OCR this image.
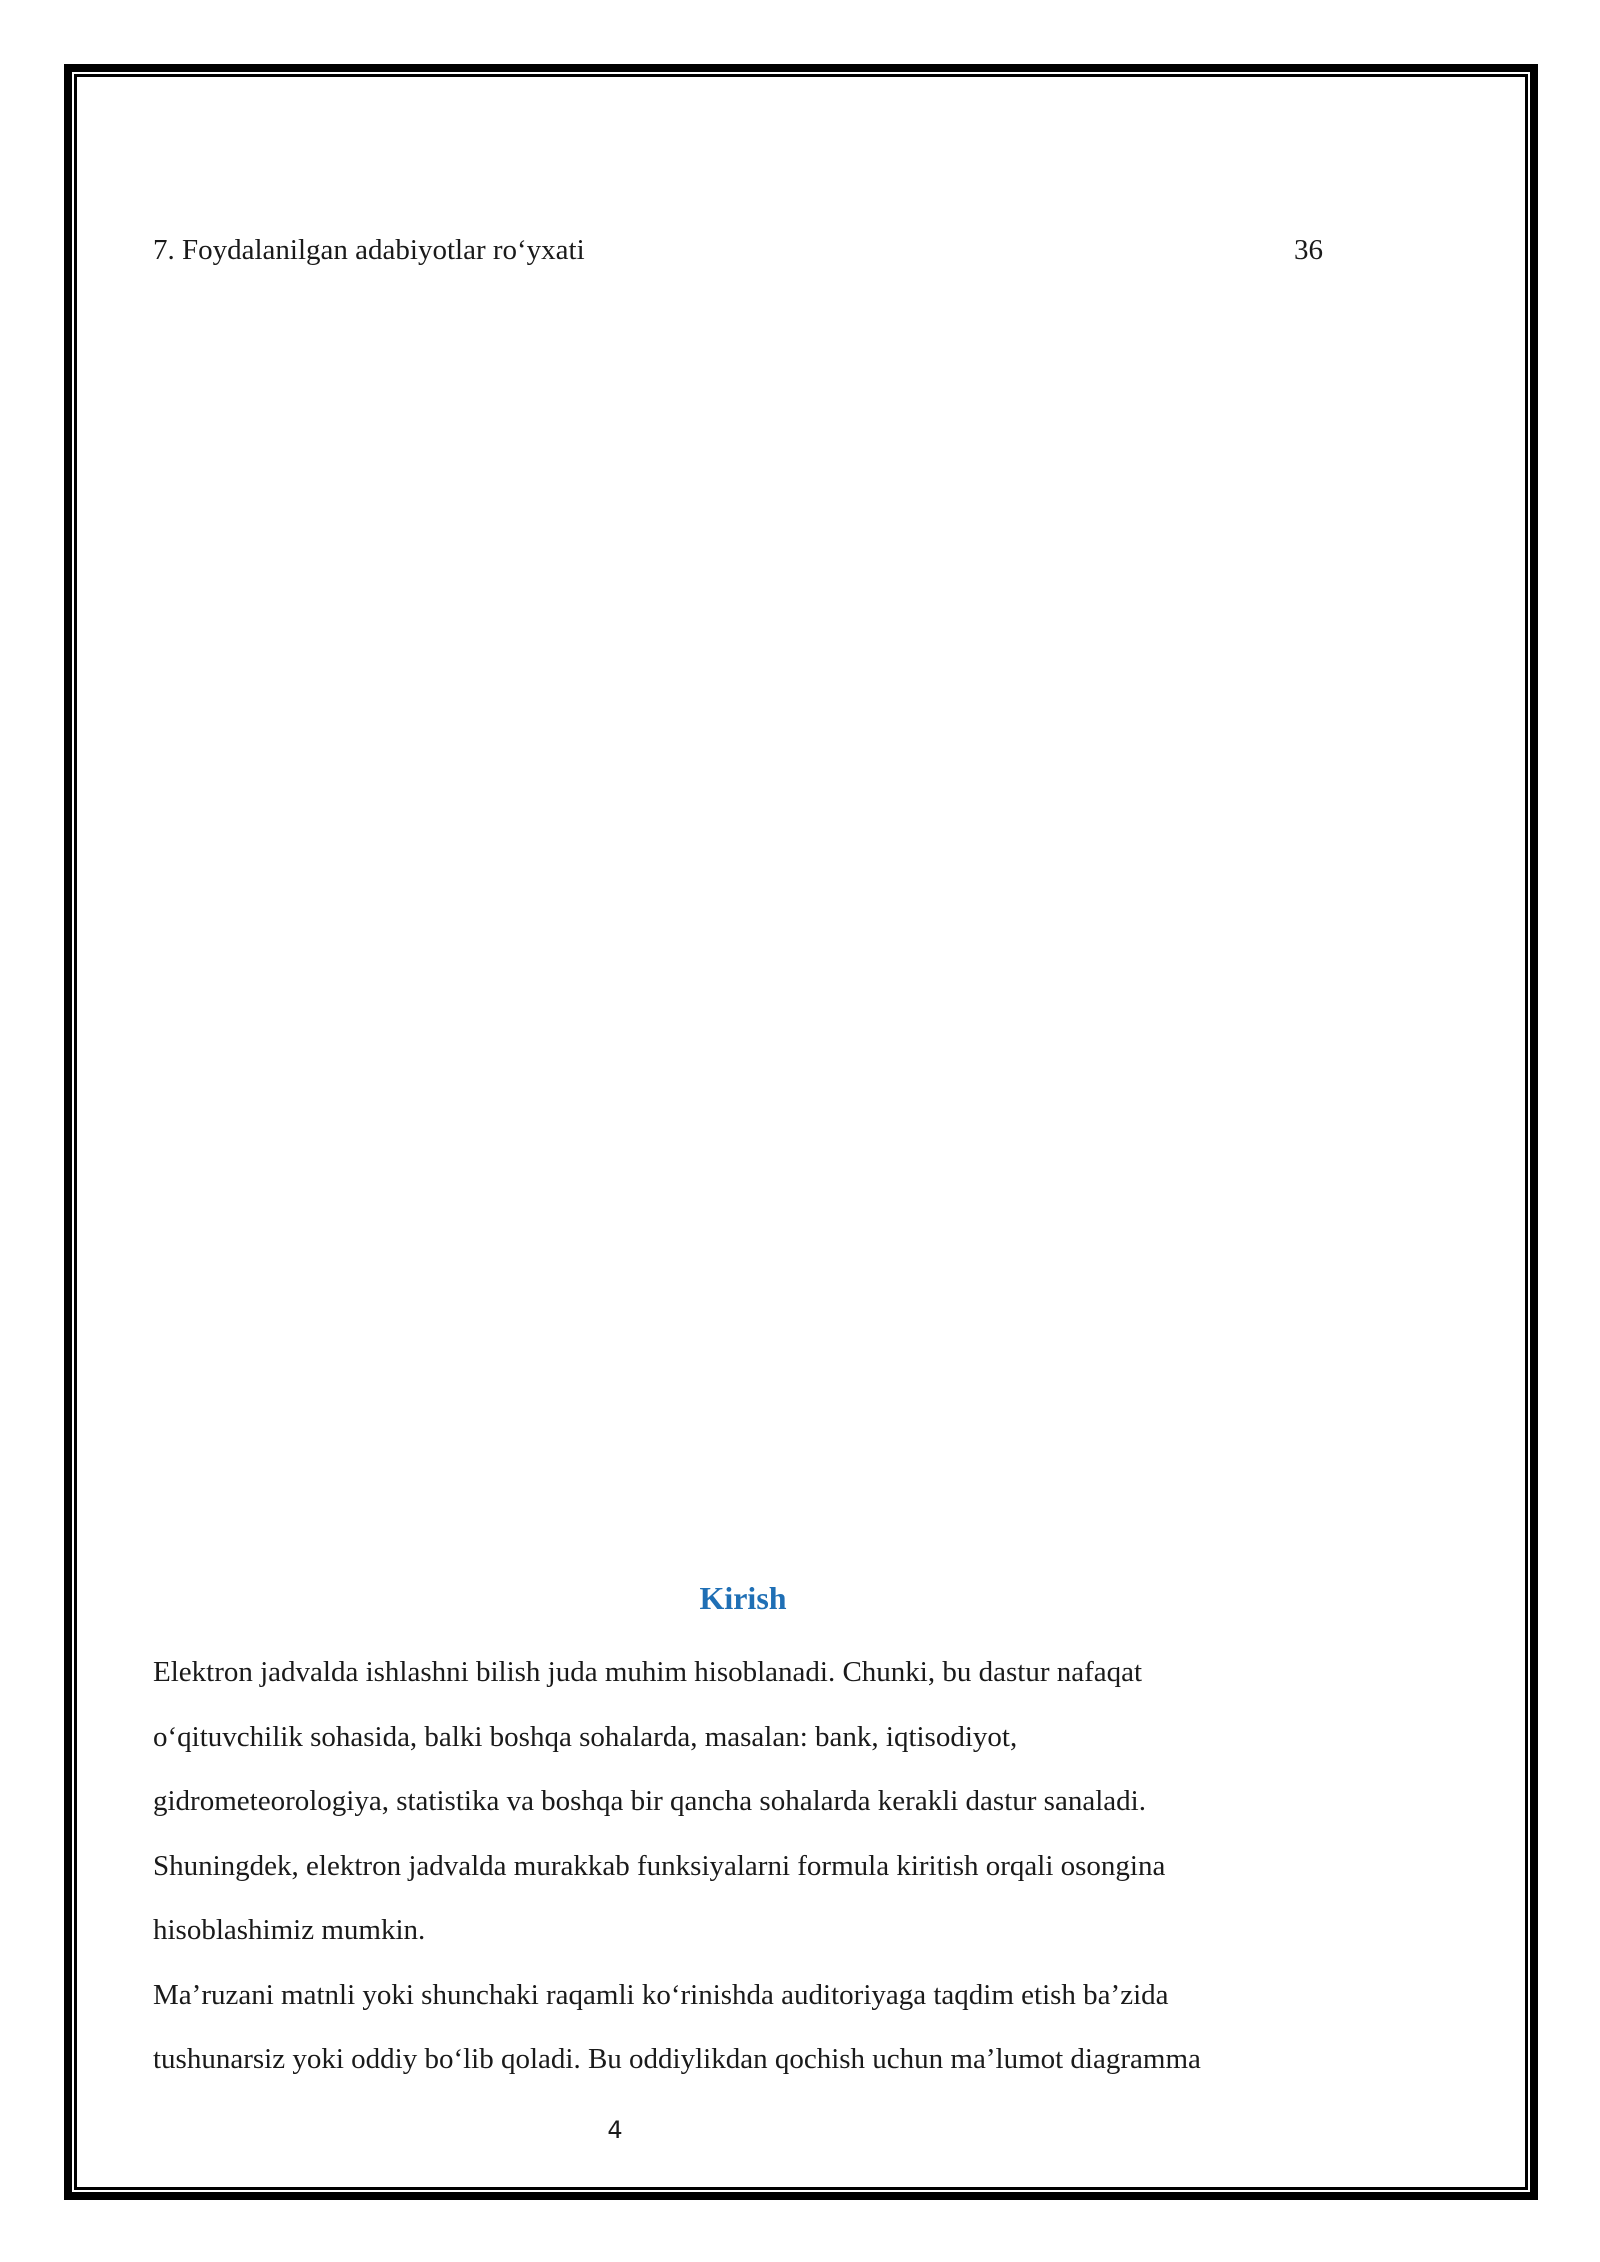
7. Foydalanilgan adabiyotlar ro‘yxati	36
Kirish

Elektron jadvalda ishlashni bilish juda muhim hisoblanadi. Chunki, bu dastur nafaqat
o‘qituvchilik sohasida, balki boshqa sohalarda, masalan: bank, iqtisodiyot,
gidrometeorologiya, statistika va boshqa bir qancha sohalarda kerakli dastur sanaladi.
Shuningdek, elektron jadvalda murakkab funksiyalarni formula kiritish orqali osongina
hisoblashimiz mumkin.

Ma’ruzani matnli yoki shunchaki raqamli ko‘rinishda auditoriyaga taqdim etish ba’zida
tushunarsiz yoki oddiy bo‘lib qoladi. Bu oddiylikdan qochish uchun ma’lumot diagramma

4
